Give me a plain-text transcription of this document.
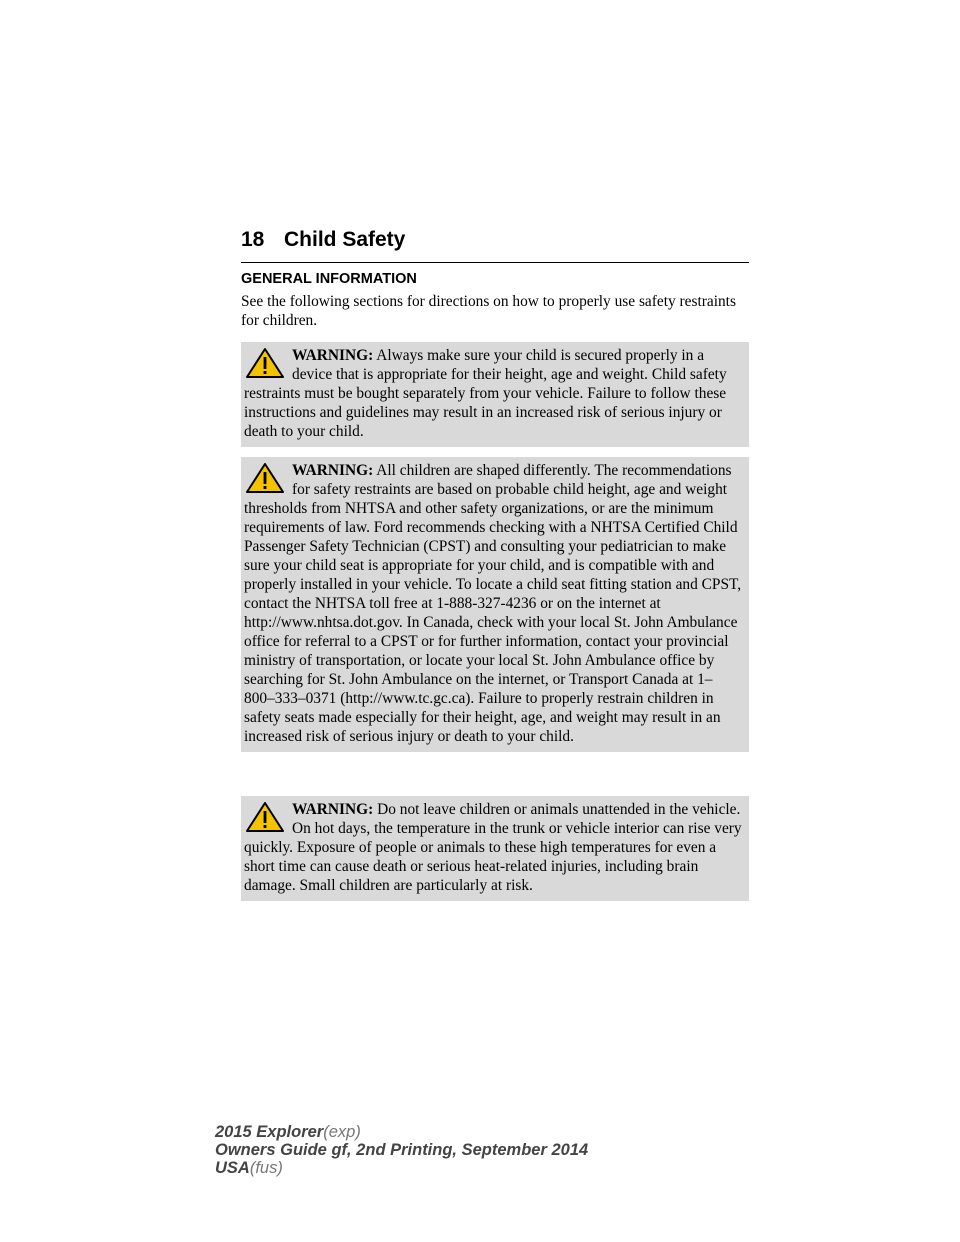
18 Child Safety
GENERAL INFORMATION
See the following sections for directions on how to properly use safety restraints for children.
WARNING: Always make sure your child is secured properly in a device that is appropriate for their height, age and weight. Child safety restraints must be bought separately from your vehicle. Failure to follow these instructions and guidelines may result in an increased risk of serious injury or death to your child.
WARNING: All children are shaped differently. The recommendations for safety restraints are based on probable child height, age and weight thresholds from NHTSA and other safety organizations, or are the minimum requirements of law. Ford recommends checking with a NHTSA Certified Child Passenger Safety Technician (CPST) and consulting your pediatrician to make sure your child seat is appropriate for your child, and is compatible with and properly installed in your vehicle. To locate a child seat fitting station and CPST, contact the NHTSA toll free at 1-888-327-4236 or on the internet at http://www.nhtsa.dot.gov. In Canada, check with your local St. John Ambulance office for referral to a CPST or for further information, contact your provincial ministry of transportation, or locate your local St. John Ambulance office by searching for St. John Ambulance on the internet, or Transport Canada at 1–800–333–0371 (http://www.tc.gc.ca). Failure to properly restrain children in safety seats made especially for their height, age, and weight may result in an increased risk of serious injury or death to your child.
WARNING: Do not leave children or animals unattended in the vehicle. On hot days, the temperature in the trunk or vehicle interior can rise very quickly. Exposure of people or animals to these high temperatures for even a short time can cause death or serious heat-related injuries, including brain damage. Small children are particularly at risk.
2015 Explorer(exp)
Owners Guide gf, 2nd Printing, September 2014
USA(fus)
